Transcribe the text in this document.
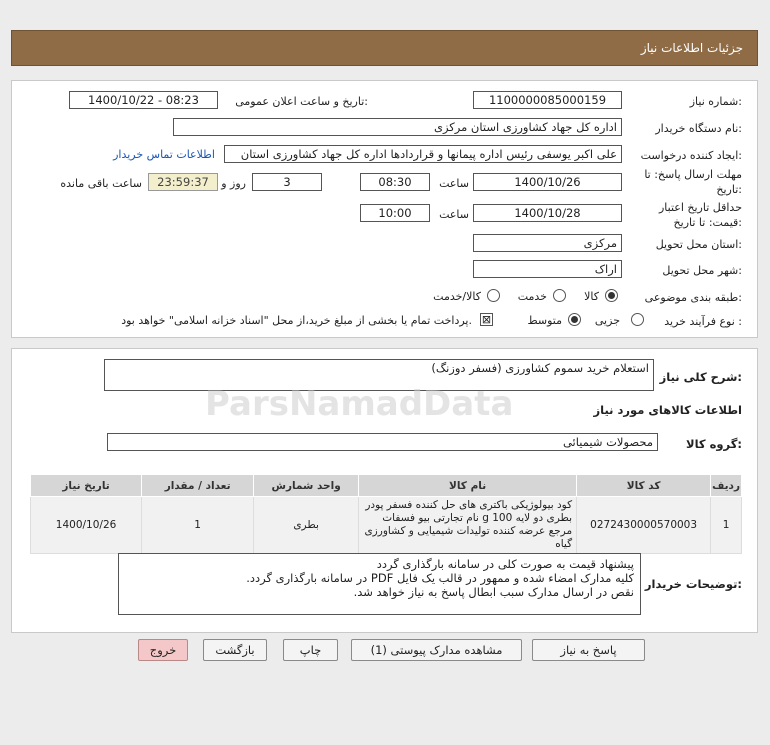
جزئیات اطلاعات نیاز
شماره نیاز:
1100000085000159
تاریخ و ساعت اعلان عمومی:
1400/10/22 - 08:23
نام دستگاه خریدار:
اداره کل جهاد کشاورزی استان مرکزی
ایجاد کننده درخواست:
علی اکبر یوسفی رئیس اداره پیمانها و قراردادها اداره کل جهاد کشاورزی استان
اطلاعات تماس خریدار
مهلت ارسال پاسخ: تا
تاریخ:
1400/10/26
ساعت
08:30
3
روز و
23:59:37
ساعت باقی مانده
حداقل تاریخ اعتبار
قیمت: تا تاریخ:
1400/10/28
ساعت
10:00
استان محل تحویل:
مرکزی
شهر محل تحویل:
اراک
طبقه بندی موضوعی:
کالا
خدمت
کالا/خدمت
نوع فرآیند خرید :
جزیی
متوسط
⊠
پرداخت تمام یا بخشی از مبلغ خرید،از محل "اسناد خزانه اسلامی" خواهد بود.
شرح کلی نیاز:
استعلام خرید سموم کشاورزی (فسفر دوزنگ)
ParsNamadData	اطلاعات کالاهای مورد نیاز
گروه کالا:
محصولات شیمیائی
ردیف	کد کالا	نام کالا	واحد شمارش	تعداد / مقدار	تاریخ نیاز
1	0272430000570003	کود بیولوژیکی باکتری های حل کننده فسفر پودر بطری دو لایه 100 g نام تجارتی بیو فسفات مرجع عرضه کننده تولیدات شیمیایی و کشاورزی گیاه	بطری	1	1400/10/26
توضیحات خریدار:
پیشنهاد قیمت به صورت کلی در سامانه بارگذاری گردد
کلیه مدارک امضاء شده و ممهور در قالب یک فایل PDF در سامانه بارگذاری گردد.
نقص در ارسال مدارک سبب ابطال پاسخ به نیاز خواهد شد.
پاسخ به نیاز
مشاهده مدارک پیوستی (1)
چاپ
بازگشت
خروج
